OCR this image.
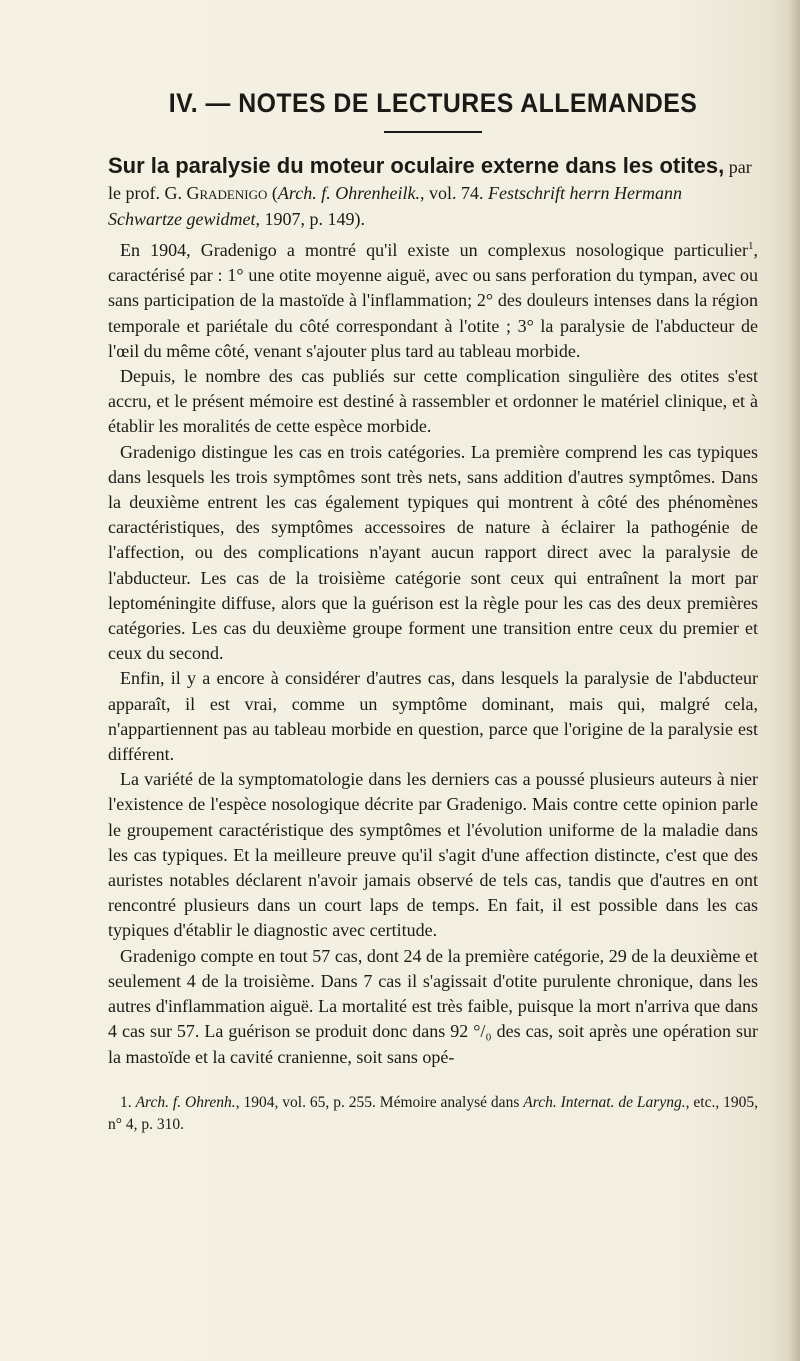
IV. — NOTES DE LECTURES ALLEMANDES
Sur la paralysie du moteur oculaire externe dans les otites, par le prof. G. Gradenigo (Arch. f. Ohrenheilk., vol. 74. Festschrift herrn Hermann Schwartze gewidmet, 1907, p. 149).

En 1904, Gradenigo a montré qu'il existe un complexus nosologique particulier$^1$, caractérisé par : 1° une otite moyenne aiguë, avec ou sans perforation du tympan, avec ou sans participation de la mastoïde à l'inflammation; 2° des douleurs intenses dans la région temporale et pariétale du côté correspondant à l'otite ; 3° la paralysie de l'abducteur de l'œil du même côté, venant s'ajouter plus tard au tableau morbide.

Depuis, le nombre des cas publiés sur cette complication singulière des otites s'est accru, et le présent mémoire est destiné à rassembler et ordonner le matériel clinique, et à établir les moralités de cette espèce morbide.

Gradenigo distingue les cas en trois catégories. La première comprend les cas typiques dans lesquels les trois symptômes sont très nets, sans addition d'autres symptômes. Dans la deuxième entrent les cas également typiques qui montrent à côté des phénomènes caractéristiques, des symptômes accessoires de nature à éclairer la pathogénie de l'affection, ou des complications n'ayant aucun rapport direct avec la paralysie de l'abducteur. Les cas de la troisième catégorie sont ceux qui entraînent la mort par leptoméningite diffuse, alors que la guérison est la règle pour les cas des deux premières catégories. Les cas du deuxième groupe forment une transition entre ceux du premier et ceux du second.

Enfin, il y a encore à considérer d'autres cas, dans lesquels la paralysie de l'abducteur apparaît, il est vrai, comme un symptôme dominant, mais qui, malgré cela, n'appartiennent pas au tableau morbide en question, parce que l'origine de la paralysie est différent.

La variété de la symptomatologie dans les derniers cas a poussé plusieurs auteurs à nier l'existence de l'espèce nosologique décrite par Gradenigo. Mais contre cette opinion parle le groupement caractéristique des symptômes et l'évolution uniforme de la maladie dans les cas typiques. Et la meilleure preuve qu'il s'agit d'une affection distincte, c'est que des auristes notables déclarent n'avoir jamais observé de tels cas, tandis que d'autres en ont rencontré plusieurs dans un court laps de temps. En fait, il est possible dans les cas typiques d'établir le diagnostic avec certitude.

Gradenigo compte en tout 57 cas, dont 24 de la première catégorie, 29 de la deuxième et seulement 4 de la troisième. Dans 7 cas il s'agissait d'otite purulente chronique, dans les autres d'inflammation aiguë. La mortalité est très faible, puisque la mort n'arriva que dans 4 cas sur 57. La guérison se produit donc dans 92 °/₀ des cas, soit après une opération sur la mastoïde et la cavité cranienne, soit sans opé-

1. Arch. f. Ohrenh., 1904, vol. 65, p. 255. Mémoire analysé dans Arch. Internat. de Laryng., etc., 1905, n° 4, p. 310.
